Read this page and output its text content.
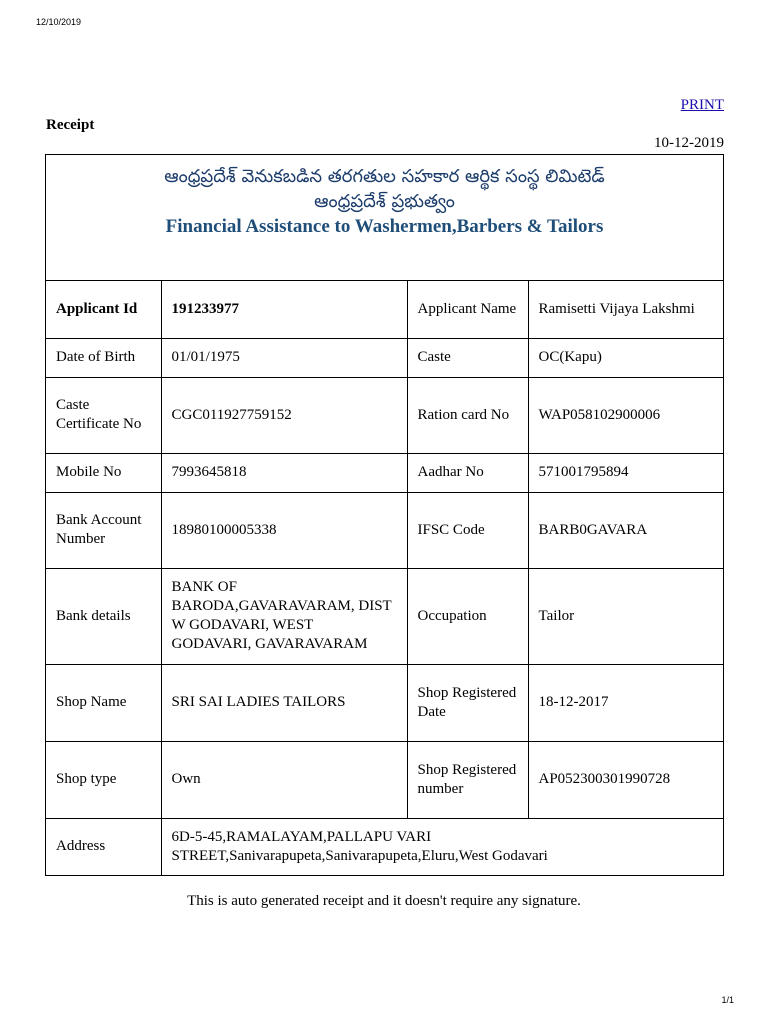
12/10/2019
PRINT
Receipt
10-12-2019
ఆంధ్రప్రదేశ్ వెనుకబడిన తరగతుల సహకార ఆర్థిక సంస్థ లిమిటెడ్
ఆంధ్రప్రదేశ్ ప్రభుత్వం
Financial Assistance to Washermen,Barbers & Tailors
Applicant Id	191233977	Applicant Name	Ramisetti Vijaya Lakshmi
Date of Birth	01/01/1975	Caste	OC(Kapu)
Caste Certificate No	CGC011927759152	Ration card No	WAP058102900006
Mobile No	7993645818	Aadhar No	571001795894
Bank Account Number	18980100005338	IFSC Code	BARB0GAVARA
Bank details	BANK OF BARODA,GAVARAVARAM, DIST W GODAVARI, WEST GODAVARI, GAVARAVARAM	Occupation	Tailor
Shop Name	SRI SAI LADIES TAILORS	Shop Registered Date	18-12-2017
Shop type	Own	Shop Registered number	AP052300301990728
Address	6D-5-45,RAMALAYAM,PALLAPU VARI STREET,Sanivarapupeta,Sanivarapupeta,Eluru,West Godavari		
This is auto generated receipt and it doesn't require any signature.
1/1
